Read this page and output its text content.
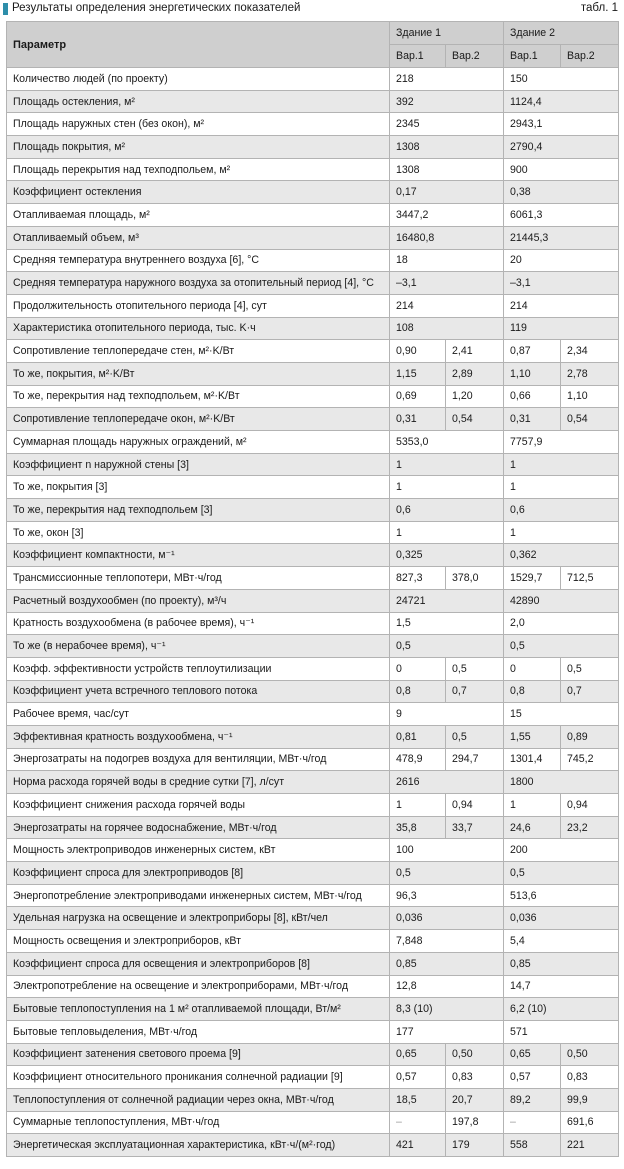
Результаты определения энергетических показателей	табл. 1
Параметр	Здание 1		Здание 2	
	Вар.1	Вар.2	Вар.1	Вар.2
Количество людей (по проекту)	218		150	
Площадь остекления, м²	392		1124,4	
Площадь наружных стен (без окон), м²	2345		2943,1	
Площадь покрытия, м²	1308		2790,4	
Площадь перекрытия над техподпольем, м²	1308		900	
Коэффициент остекления	0,17		0,38	
Отапливаемая площадь, м²	3447,2		6061,3	
Отапливаемый объем, м³	16480,8		21445,3	
Средняя температура внутреннего воздуха [6], °С	18		20	
Средняя температура наружного воздуха за отопительный период [4], °С	–3,1		–3,1	
Продолжительность отопительного периода [4], сут	214		214	
Характеристика отопительного периода, тыс. K·ч	108		119	
Сопротивление теплопередаче стен, м²·K/Вт	0,90	2,41	0,87	2,34
То же, покрытия, м²·K/Вт	1,15	2,89	1,10	2,78
То же, перекрытия над техподпольем, м²·K/Вт	0,69	1,20	0,66	1,10
Сопротивление теплопередаче окон, м²·K/Вт	0,31	0,54	0,31	0,54
Суммарная площадь наружных ограждений, м²	5353,0		7757,9	
Коэффициент n наружной стены [3]	1		1	
То же, покрытия [3]	1		1	
То же, перекрытия над техподпольем [3]	0,6		0,6	
То же, окон [3]	1		1	
Коэффициент компактности, м⁻¹	0,325		0,362	
Трансмиссионные теплопотери, МВт·ч/год	827,3	378,0	1529,7	712,5
Расчетный воздухообмен (по проекту), м³/ч	24721		42890	
Кратность воздухообмена (в рабочее время), ч⁻¹	1,5		2,0	
То же (в нерабочее время), ч⁻¹	0,5		0,5	
Коэфф. эффективности устройств теплоутилизации	0	0,5	0	0,5
Коэффициент учета встречного теплового потока	0,8	0,7	0,8	0,7
Рабочее время, час/сут	9		15	
Эффективная кратность воздухообмена, ч⁻¹	0,81	0,5	1,55	0,89
Энергозатраты на подогрев воздуха для вентиляции, МВт·ч/год	478,9	294,7	1301,4	745,2
Норма расхода горячей воды в средние сутки [7], л/сут	2616		1800	
Коэффициент снижения расхода горячей воды	1	0,94	1	0,94
Энергозатраты на горячее водоснабжение, МВт·ч/год	35,8	33,7	24,6	23,2
Мощность электроприводов инженерных систем, кВт	100		200	
Коэффициент спроса для электроприводов [8]	0,5		0,5	
Энергопотребление электроприводами инженерных систем, МВт·ч/год	96,3		513,6	
Удельная нагрузка на освещение и электроприборы [8], кВт/чел	0,036		0,036	
Мощность освещения и электроприборов, кВт	7,848		5,4	
Коэффициент спроса для освещения и электроприборов [8]	0,85		0,85	
Электропотребление на освещение и электроприборами, МВт·ч/год	12,8		14,7	
Бытовые теплопоступления на 1 м² отапливаемой площади, Вт/м²	8,3 (10)		6,2 (10)	
Бытовые тепловыделения, МВт·ч/год	177		571	
Коэффициент затенения светового проема [9]	0,65	0,50	0,65	0,50
Коэффициент относительного проникания солнечной радиации [9]	0,57	0,83	0,57	0,83
Теплопоступления от солнечной радиации через окна, МВт·ч/год	18,5	20,7	89,2	99,9
Суммарные теплопоступления, МВт·ч/год	–	197,8	–	691,6
Энергетическая эксплуатационная характеристика, кВт·ч/(м²·год)	421	179	558	221
